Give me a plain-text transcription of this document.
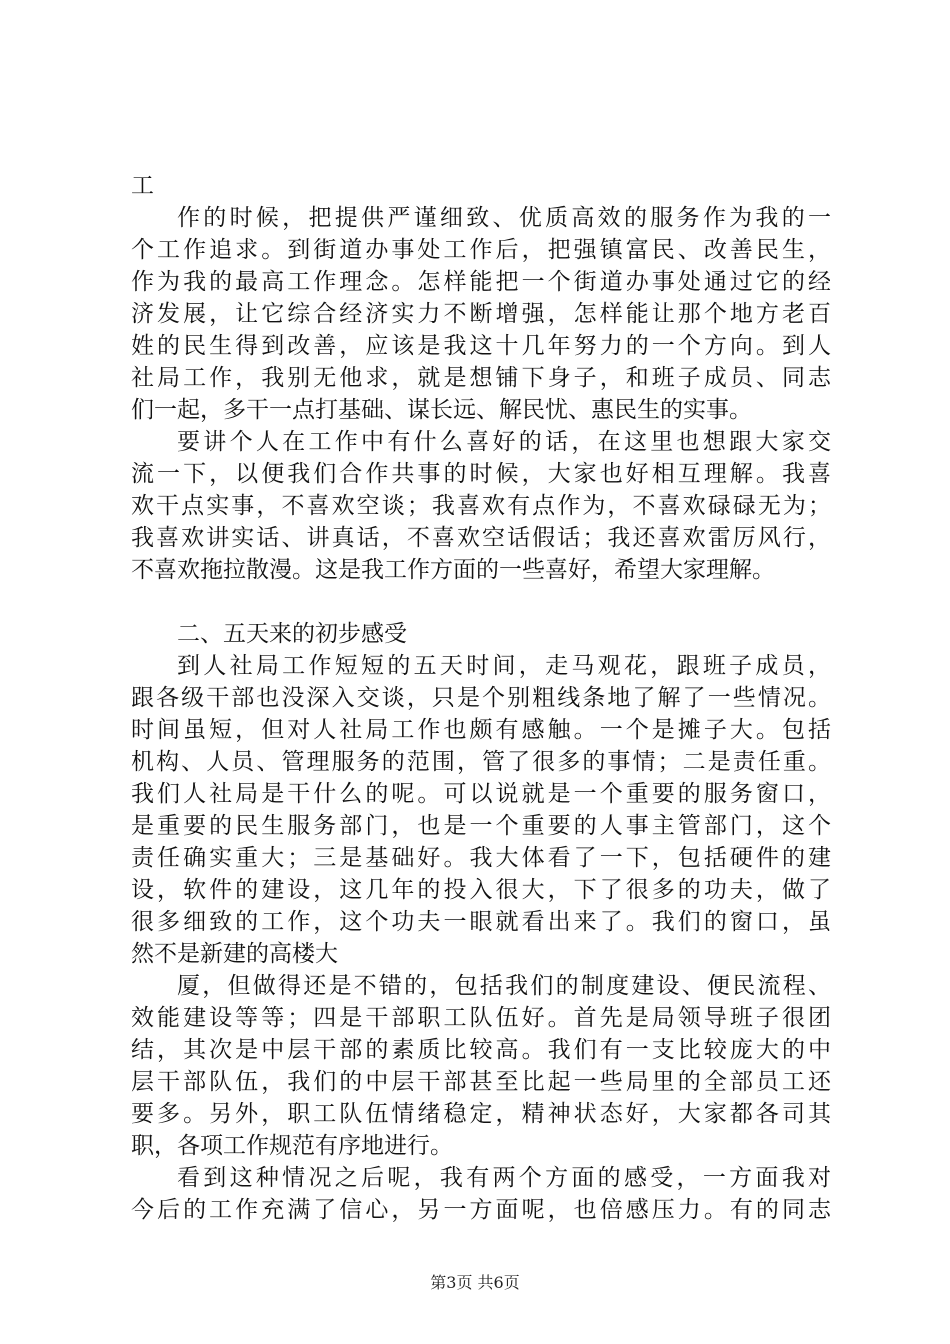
工
作的时候，把提供严谨细致、优质高效的服务作为我的一
个工作追求。到街道办事处工作后，把强镇富民、改善民生，
作为我的最高工作理念。怎样能把一个街道办事处通过它的经
济发展，让它综合经济实力不断增强，怎样能让那个地方老百
姓的民生得到改善，应该是我这十几年努力的一个方向。到人
社局工作，我别无他求，就是想铺下身子，和班子成员、同志
们一起，多干一点打基础、谋长远、解民忧、惠民生的实事。
要讲个人在工作中有什么喜好的话，在这里也想跟大家交
流一下，以便我们合作共事的时候，大家也好相互理解。我喜
欢干点实事，不喜欢空谈；我喜欢有点作为，不喜欢碌碌无为；
我喜欢讲实话、讲真话，不喜欢空话假话；我还喜欢雷厉风行，
不喜欢拖拉散漫。这是我工作方面的一些喜好，希望大家理解。
二、五天来的初步感受
到人社局工作短短的五天时间，走马观花，跟班子成员，
跟各级干部也没深入交谈，只是个别粗线条地了解了一些情况。
时间虽短，但对人社局工作也颇有感触。一个是摊子大。包括
机构、人员、管理服务的范围，管了很多的事情；二是责任重。
我们人社局是干什么的呢。可以说就是一个重要的服务窗口，
是重要的民生服务部门，也是一个重要的人事主管部门，这个
责任确实重大；三是基础好。我大体看了一下，包括硬件的建
设，软件的建设，这几年的投入很大，下了很多的功夫，做了
很多细致的工作，这个功夫一眼就看出来了。我们的窗口，虽
然不是新建的高楼大
厦，但做得还是不错的，包括我们的制度建设、便民流程、
效能建设等等；四是干部职工队伍好。首先是局领导班子很团
结，其次是中层干部的素质比较高。我们有一支比较庞大的中
层干部队伍，我们的中层干部甚至比起一些局里的全部员工还
要多。另外，职工队伍情绪稳定，精神状态好，大家都各司其
职，各项工作规范有序地进行。
看到这种情况之后呢，我有两个方面的感受，一方面我对
今后的工作充满了信心，另一方面呢，也倍感压力。有的同志
第3页 共6页
